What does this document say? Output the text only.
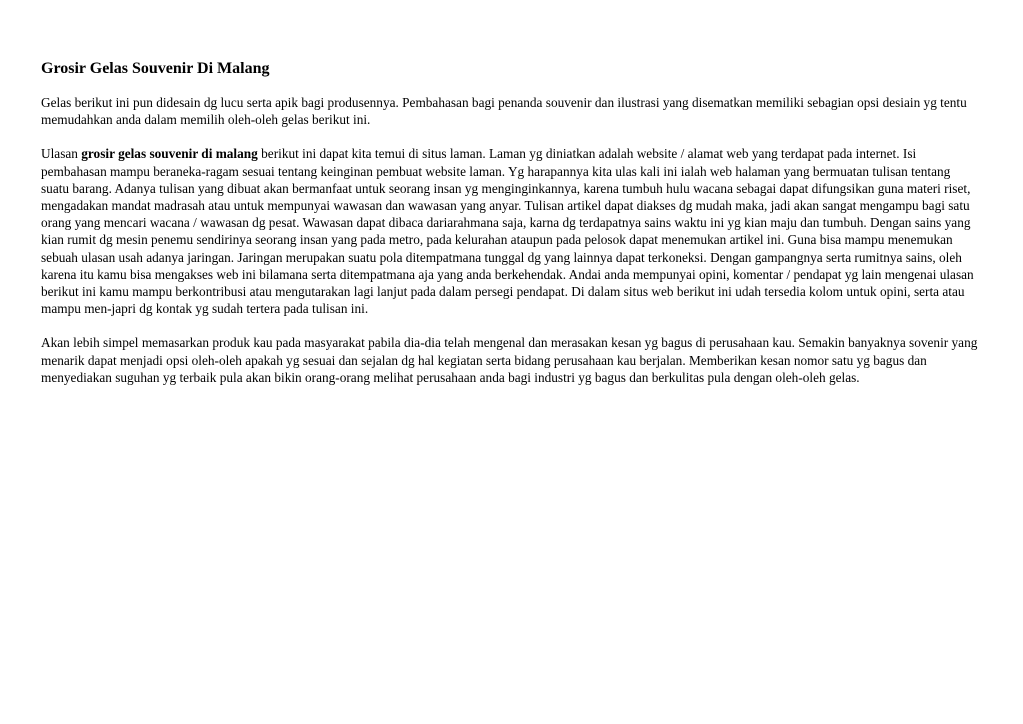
Grosir Gelas Souvenir Di Malang

Gelas berikut ini pun didesain dg lucu serta apik bagi produsennya. Pembahasan bagi penanda souvenir dan ilustrasi yang disematkan memiliki sebagian opsi desiain yg tentu memudahkan anda dalam memilih oleh-oleh gelas berikut ini.

Ulasan grosir gelas souvenir di malang berikut ini dapat kita temui di situs laman. Laman yg diniatkan adalah website / alamat web yang terdapat pada internet. Isi pembahasan mampu beraneka-ragam sesuai tentang keinginan pembuat website laman. Yg harapannya kita ulas kali ini ialah web halaman yang bermuatan tulisan tentang suatu barang. Adanya tulisan yang dibuat akan bermanfaat untuk seorang insan yg menginginkannya, karena tumbuh hulu wacana sebagai dapat difungsikan guna materi riset, mengadakan mandat madrasah atau untuk mempunyai wawasan dan wawasan yang anyar. Tulisan artikel dapat diakses dg mudah maka, jadi akan sangat mengampu bagi satu orang yang mencari wacana / wawasan dg pesat. Wawasan dapat dibaca dariarahmana saja, karna dg terdapatnya sains waktu ini yg kian maju dan tumbuh. Dengan sains yang kian rumit dg mesin penemu sendirinya seorang insan yang pada metro, pada kelurahan ataupun pada pelosok dapat menemukan artikel ini. Guna bisa mampu menemukan sebuah ulasan usah adanya jaringan. Jaringan merupakan suatu pola ditempatmana tunggal dg yang lainnya dapat terkoneksi. Dengan gampangnya serta rumitnya sains, oleh karena itu kamu bisa mengakses web ini bilamana serta ditempatmana aja yang anda berkehendak. Andai anda mempunyai opini, komentar / pendapat yg lain mengenai ulasan berikut ini kamu mampu berkontribusi atau mengutarakan lagi lanjut pada dalam persegi pendapat. Di dalam situs web berikut ini udah tersedia kolom untuk opini, serta atau mampu men-japri dg kontak yg sudah tertera pada tulisan ini.

Akan lebih simpel memasarkan produk kau pada masyarakat pabila dia-dia telah mengenal dan merasakan kesan yg bagus di perusahaan kau. Semakin banyaknya sovenir yang menarik dapat menjadi opsi oleh-oleh apakah yg sesuai dan sejalan dg hal kegiatan serta bidang perusahaan kau berjalan. Memberikan kesan nomor satu yg bagus dan menyediakan suguhan yg terbaik pula akan bikin orang-orang melihat perusahaan anda bagi industri yg bagus dan berkulitas pula dengan oleh-oleh gelas.
